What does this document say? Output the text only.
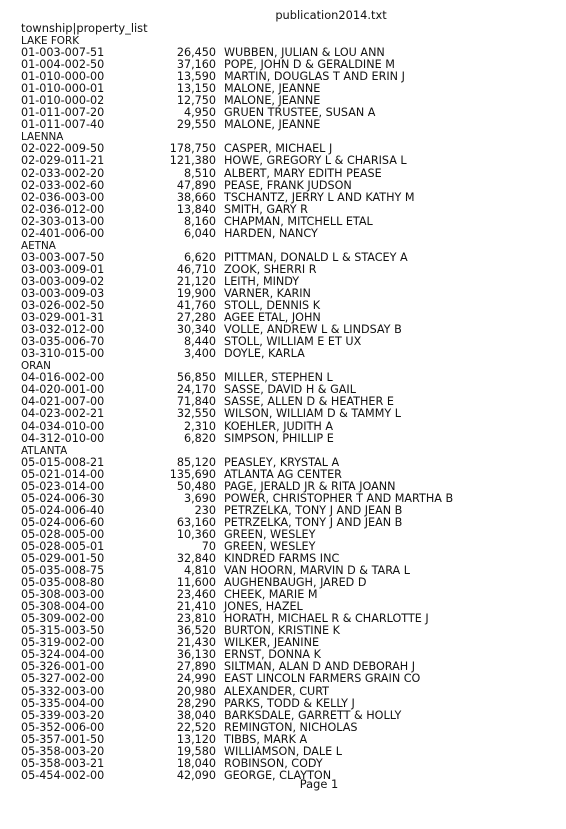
publication2014.txt
township|property_list
LAKE FORK
01-003-007-51	26,450 WUBBEN, JULIAN & LOU ANN
01-004-002-50	37,160 POPE, JOHN D & GERALDINE M
01-010-000-00	13,590 MARTIN, DOUGLAS T AND ERIN J
01-010-000-01	13,150 MALONE, JEANNE
01-010-000-02	12,750 MALONE, JEANNE
01-011-007-20	4,950 GRUEN TRUSTEE, SUSAN A
01-011-007-40	29,550 MALONE, JEANNE
LAENNA
02-022-009-50	178,750 CASPER, MICHAEL J
02-029-011-21	121,380 HOWE, GREGORY L & CHARISA L
02-033-002-20	8,510 ALBERT, MARY EDITH PEASE
02-033-002-60	47,890 PEASE, FRANK JUDSON
02-036-003-00	38,660 TSCHANTZ, JERRY L AND KATHY M
02-036-012-00	13,840 SMITH, GARY R
02-303-013-00	8,160 CHAPMAN, MITCHELL ETAL
02-401-006-00	6,040 HARDEN, NANCY
AETNA
03-003-007-50	6,620 PITTMAN, DONALD L & STACEY A
03-003-009-01	46,710 ZOOK, SHERRI R
03-003-009-02	21,120 LEITH, MINDY
03-003-009-03	19,900 VARNER, KARIN
03-026-002-50	41,760 STOLL, DENNIS K
03-029-001-31	27,280 AGEE ETAL, JOHN
03-032-012-00	30,340 VOLLE, ANDREW L & LINDSAY B
03-035-006-70	8,440 STOLL, WILLIAM E ET UX
03-310-015-00	3,400 DOYLE, KARLA
ORAN
04-016-002-00	56,850 MILLER, STEPHEN L
04-020-001-00	24,170 SASSE, DAVID H & GAIL
04-021-007-00	71,840 SASSE, ALLEN D & HEATHER E
04-023-002-21	32,550 WILSON, WILLIAM D & TAMMY L
04-034-010-00	2,310 KOEHLER, JUDITH A
04-312-010-00	6,820 SIMPSON, PHILLIP E
ATLANTA
05-015-008-21	85,120 PEASLEY, KRYSTAL A
05-021-014-00	135,690 ATLANTA AG CENTER
05-023-014-00	50,480 PAGE, JERALD JR & RITA JOANN
05-024-006-30	3,690 POWER, CHRISTOPHER T AND MARTHA B
05-024-006-40	230 PETRZELKA, TONY J AND JEAN B
05-024-006-60	63,160 PETRZELKA, TONY J AND JEAN B
05-028-005-00	10,360 GREEN, WESLEY
05-028-005-01	70 GREEN, WESLEY
05-029-001-50	32,840 KINDRED FARMS INC
05-035-008-75	4,810 VAN HOORN, MARVIN D & TARA L
05-035-008-80	11,600 AUGHENBAUGH, JARED D
05-308-003-00	23,460 CHEEK, MARIE M
05-308-004-00	21,410 JONES, HAZEL
05-309-002-00	23,810 HORATH, MICHAEL R & CHARLOTTE J
05-315-003-50	36,520 BURTON, KRISTINE K
05-319-002-00	21,430 WILKER, JEANINE
05-324-004-00	36,130 ERNST, DONNA K
05-326-001-00	27,890 SILTMAN, ALAN D AND DEBORAH J
05-327-002-00	24,990 EAST LINCOLN FARMERS GRAIN CO
05-332-003-00	20,980 ALEXANDER, CURT
05-335-004-00	28,290 PARKS, TODD & KELLY J
05-339-003-20	38,040 BARKSDALE, GARRETT & HOLLY
05-352-006-00	22,520 REMINGTON, NICHOLAS
05-357-001-50	13,120 TIBBS, MARK A
05-358-003-20	19,580 WILLIAMSON, DALE L
05-358-003-21	18,040 ROBINSON, CODY
05-454-002-00	42,090 GEORGE, CLAYTON
Page 1
